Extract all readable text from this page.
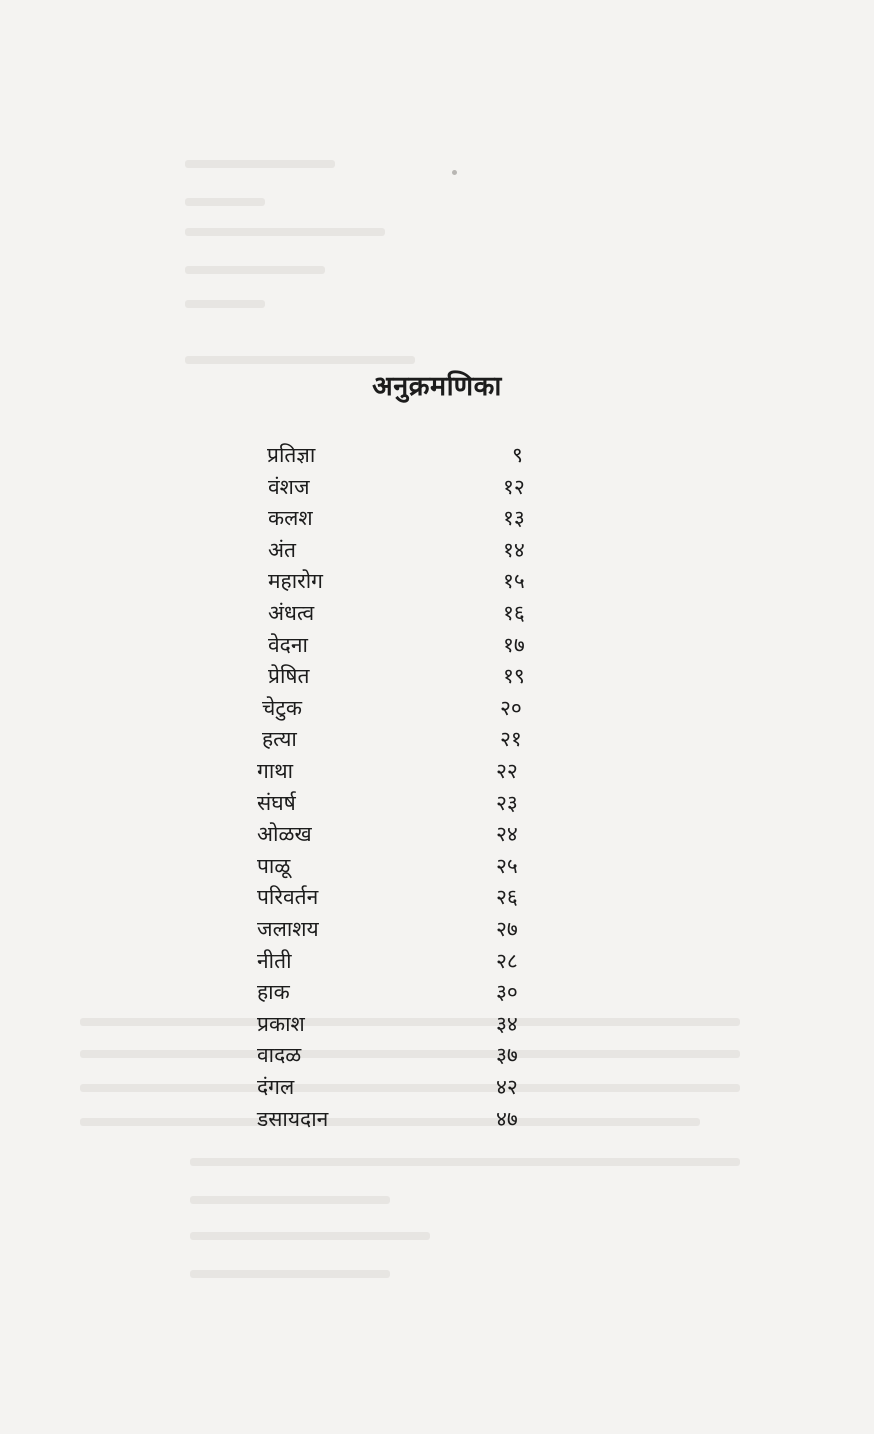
अनुक्रमणिका
प्रतिज्ञा	९
वंशज	१२
कलश	१३
अंत	१४
महारोग	१५
अंधत्व	१६
वेदना	१७
प्रेषित	१९
चेटुक	२०
हत्या	२१
गाथा	२२
संघर्ष	२३
ओळख	२४
पाळू	२५
परिवर्तन	२६
जलाशय	२७
नीती	२८
हाक	३०
प्रकाश	३४
वादळ	३७
दंगल	४२
डसायदान	४७
